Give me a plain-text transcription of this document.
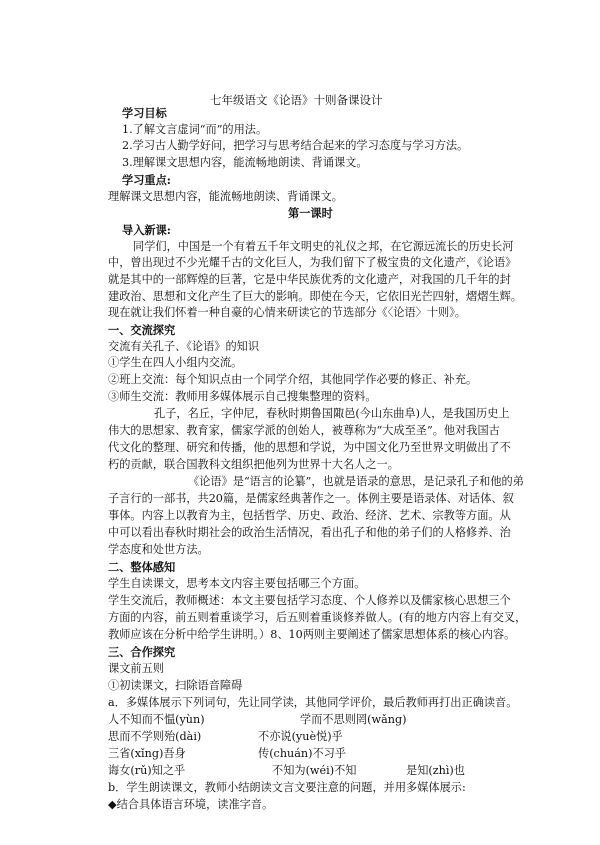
七年级语文《论语》十则备课设计
学习目标
1.了解文言虚词“而”的用法。
2.学习古人勤学好问，把学习与思考结合起来的学习态度与学习方法。
3.理解课文思想内容，能流畅地朗读、背诵课文。
学习重点:
理解课文思想内容，能流畅地朗读、背诵课文。
第一课时
导入新课:
同学们，中国是一个有着五千年文明史的礼仪之邦，在它源远流长的历史长河
中，曾出现过不少光耀千古的文化巨人，为我们留下了极宝贵的文化遗产，《论语》
就是其中的一部辉煌的巨著，它是中华民族优秀的文化遗产，对我国的几千年的封
建政治、思想和文化产生了巨大的影响。即使在今天，它依旧光芒四射，熠熠生辉。
现在就让我们怀着一种自豪的心情来研读它的节选部分《〈论语〉十则》。
一、交流探究
交流有关孔子、《论语》的知识
①学生在四人小组内交流。
②班上交流：每个知识点由一个同学介绍，其他同学作必要的修正、补充。
③师生交流：教师用多媒体展示自己搜集整理的资料。
孔子，名丘，字仲尼，春秋时期鲁国陬邑(今山东曲阜)人，是我国历史上
伟大的思想家、教育家，儒家学派的创始人，被尊称为“大成至圣”。他对我国古
代文化的整理、研究和传播，他的思想和学说，为中国文化乃至世界文明做出了不
朽的贡献，联合国教科文组织把他列为世界十大名人之一。
《论语》是“语言的论纂”，也就是语录的意思，是记录孔子和他的弟
子言行的一部书，共20篇，是儒家经典著作之一。体例主要是语录体、对话体、叙
事体。内容上以教育为主，包括哲学、历史、政治、经济、艺术、宗教等方面。从
中可以看出春秋时期社会的政治生活情况，看出孔子和他的弟子们的人格修养、治
学态度和处世方法。
二、整体感知
学生自读课文，思考本文内容主要包括哪三个方面。
学生交流后，教师概述：本文主要包括学习态度、个人修养以及儒家核心思想三个
方面的内容，前五则着重谈学习，后五则着重谈修养做人。(有的地方内容上有交叉，
教师应该在分析中给学生讲明。）8、10两则主要阐述了儒家思想体系的核心内容。
三、合作探究
课文前五则
①初读课文，扫除语音障碍
a．多媒体展示下列词句，先让同学读，其他同学评价，最后教师再打出正确读音。
人不知而不愠(yùn)	学而不思则罔(wǎng)
思而不学则殆(dài)	不亦说(yuè悦)乎
三省(xǐng)吾身	传(chuán)不习乎
诲女(rǔ)知之乎	不知为(wéi)不知	是知(zhì)也
b．学生朗读课文，教师小结朗读文言文要注意的问题，并用多媒体展示:
◆结合具体语言环境，读准字音。
